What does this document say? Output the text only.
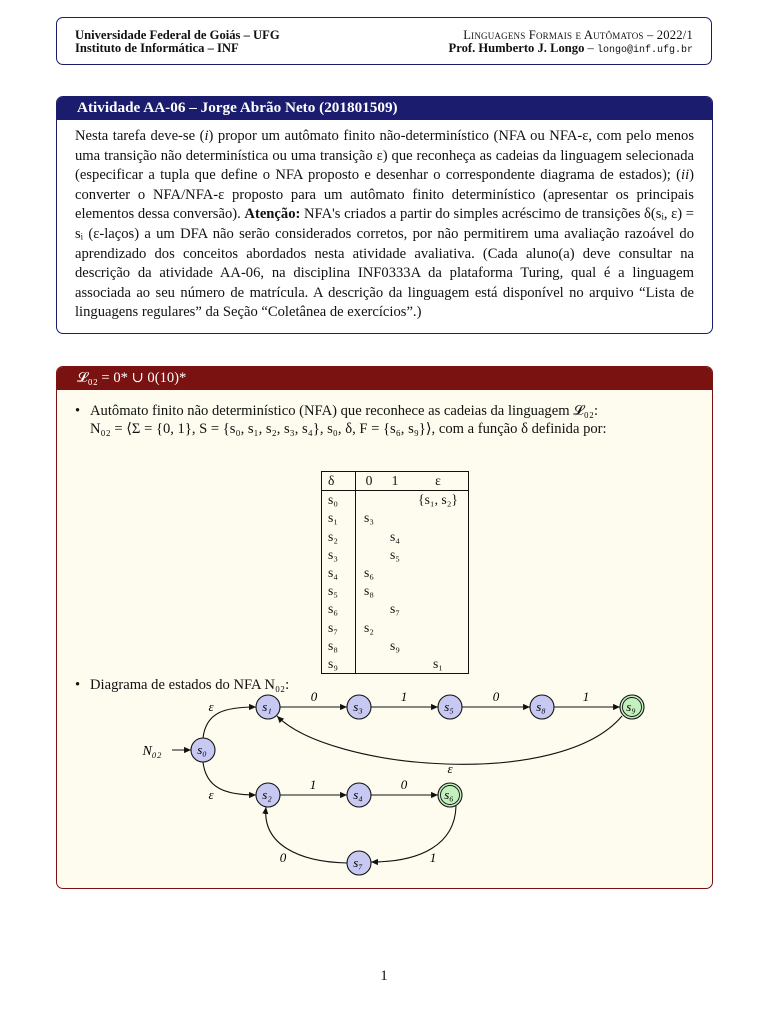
Universidade Federal de Goiás – UFG
Instituto de Informática – INF
Linguagens Formais e Autômatos – 2022/1
Prof. Humberto J. Longo – longo@inf.ufg.br
Atividade AA-06 – Jorge Abrão Neto (201801509)
Nesta tarefa deve-se (i) propor um autômato finito não-determinístico (NFA ou NFA-ε, com pelo menos uma transição não determinística ou uma transição ε) que reconheça as cadeias da linguagem selecionada (especificar a tupla que define o NFA proposto e desenhar o correspondente diagrama de estados); (ii) converter o NFA/NFA-ε proposto para um autômato finito determinístico (apresentar os principais elementos dessa conversão). Atenção: NFA's criados a partir do simples acréscimo de transições δ(sᵢ, ε) = sᵢ (ε-laços) a um DFA não serão considerados corretos, por não permitirem uma avaliação razoável do aprendizado dos conceitos abordados nesta atividade avaliativa. (Cada aluno(a) deve consultar na descrição da atividade AA-06, na disciplina INF0333A da plataforma Turing, qual é a linguagem associada ao seu número de matrícula. A descrição da linguagem está disponível no arquivo “Lista de linguagens regulares” da Seção “Coletânea de exercícios”.)
𝓛₀₂ = 0* ∪ 0(10)*
• Autômato finito não determinístico (NFA) que reconhece as cadeias da linguagem 𝓛₀₂:
N₀₂ = ⟨Σ = {0, 1}, S = {s₀, s₁, s₂, s₃, s₄}, s₀, δ, F = {s₆, s₉}⟩, com a função δ definida por:
δ	0	1	ε
s₀			{s₁, s₂}
s₁	s₃		
s₂		s₄	
s₃		s₅	
s₄	s₆		
s₅	s₈		
s₆		s₇	
s₇	s₂		
s₈		s₉	
s₉			s₁
• Diagrama de estados do NFA N₀₂:
s₀
s₁
s₂
s₃
s₄
s₅
s₆
s₇
s₈	s₉
N₀₂
ε
ε
0	1	0	1
1	0
ε
1
0
1
